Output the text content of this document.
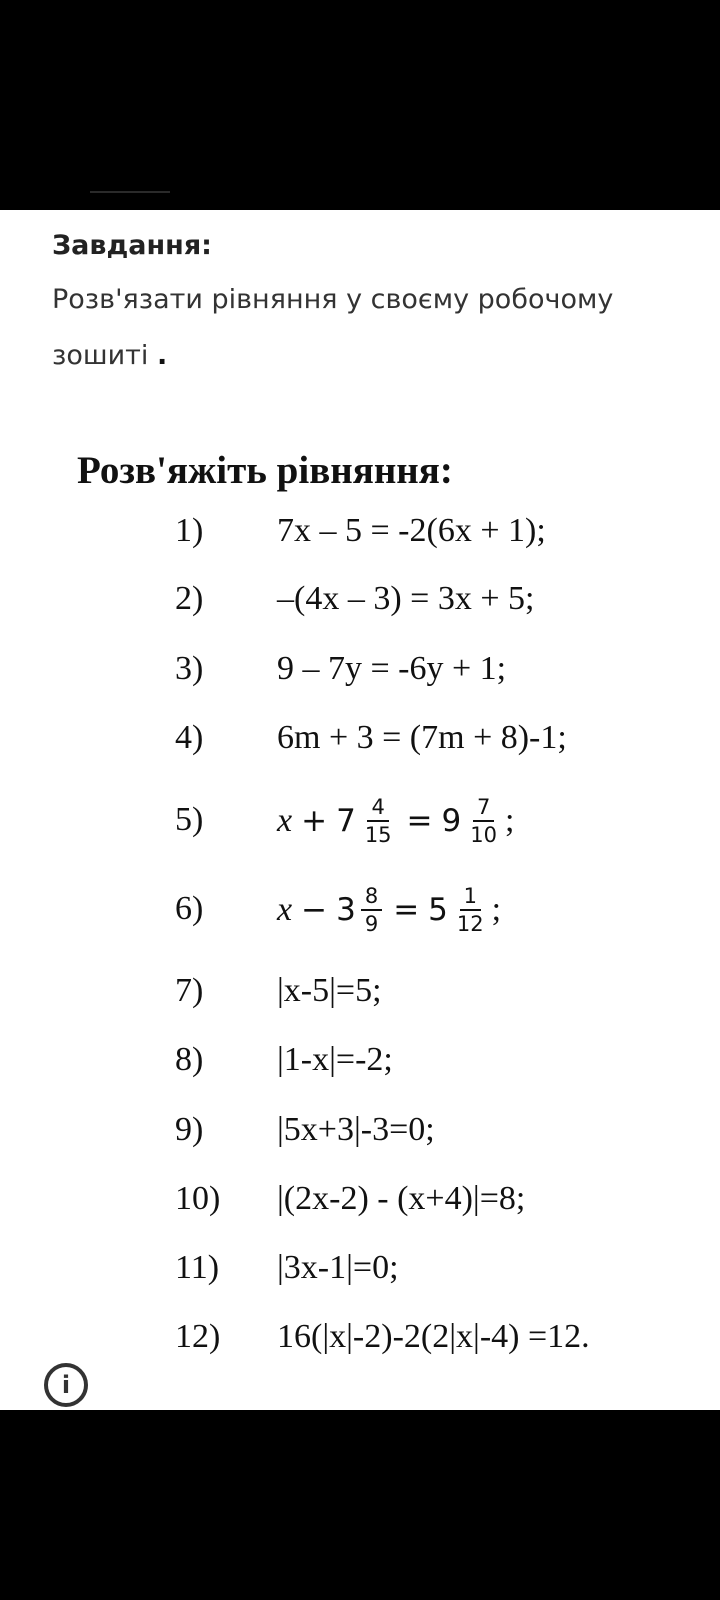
Завдання:

Розв'язати рівняння у своєму робочому зошиті .

Розв'яжіть рівняння:
1) 7x – 5 = -2(6x + 1);
2) –(4x – 3) = 3x + 5;
3) 9 – 7y = -6y + 1;
4) 6m + 3 = (7m + 8)-1;
5) $x + 7 \frac{4}{15} = 9 \frac{7}{10}$ ;
6) $x - 3 \frac{8}{9} = 5 \frac{1}{12}$ ;
7) |x-5|=5;
8) |1-x|=-2;
9) |5x+3|-3=0;
10) |(2x-2) - (x+4)|=8;
11) |3x-1|=0;
12) 16(|x|-2)-2(2|x|-4) =12.
i
